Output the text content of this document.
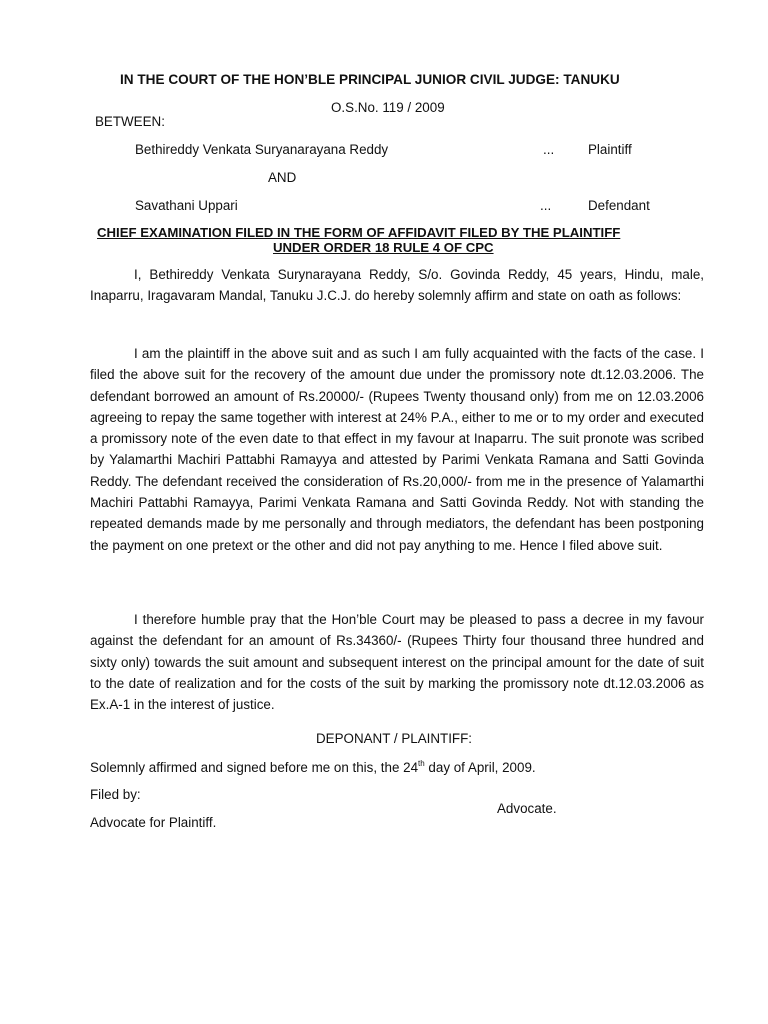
IN THE COURT OF THE HON’BLE PRINCIPAL JUNIOR CIVIL JUDGE: TANUKU
O.S.No. 119 / 2009
BETWEEN:
Bethireddy Venkata Suryanarayana Reddy	...	Plaintiff
AND
Savathani Uppari	...	Defendant
CHIEF EXAMINATION FILED IN THE FORM OF AFFIDAVIT FILED BY THE PLAINTIFF
UNDER ORDER 18 RULE 4 OF CPC

I, Bethireddy Venkata Surynarayana Reddy, S/o. Govinda Reddy, 45 years, Hindu, male, Inaparru, Iragavaram Mandal, Tanuku J.C.J. do hereby solemnly affirm and state on oath as follows:

I am the plaintiff in the above suit and as such I am fully acquainted with the facts of the case. I filed the above suit for the recovery of the amount due under the promissory note dt.12.03.2006. The defendant borrowed an amount of Rs.20000/- (Rupees Twenty thousand only) from me on 12.03.2006 agreeing to repay the same together with interest at 24% P.A., either to me or to my order and executed a promissory note of the even date to that effect in my favour at Inaparru. The suit pronote was scribed by Yalamarthi Machiri Pattabhi Ramayya and attested by Parimi Venkata Ramana and Satti Govinda Reddy. The defendant received the consideration of Rs.20,000/- from me in the presence of Yalamarthi Machiri Pattabhi Ramayya, Parimi Venkata Ramana and Satti Govinda Reddy. Not with standing the repeated demands made by me personally and through mediators, the defendant has been postponing the payment on one pretext or the other and did not pay anything to me. Hence I filed above suit.

I therefore humble pray that the Hon’ble Court may be pleased to pass a decree in my favour against the defendant for an amount of Rs.34360/- (Rupees Thirty four thousand three hundred and sixty only) towards the suit amount and subsequent interest on the principal amount for the date of suit to the date of realization and for the costs of the suit by marking the promissory note dt.12.03.2006 as Ex.A-1 in the interest of justice.

DEPONANT / PLAINTIFF:
Solemnly affirmed and signed before me on this, the 24th day of April, 2009.
Filed by:
Advocate.
Advocate for Plaintiff.
